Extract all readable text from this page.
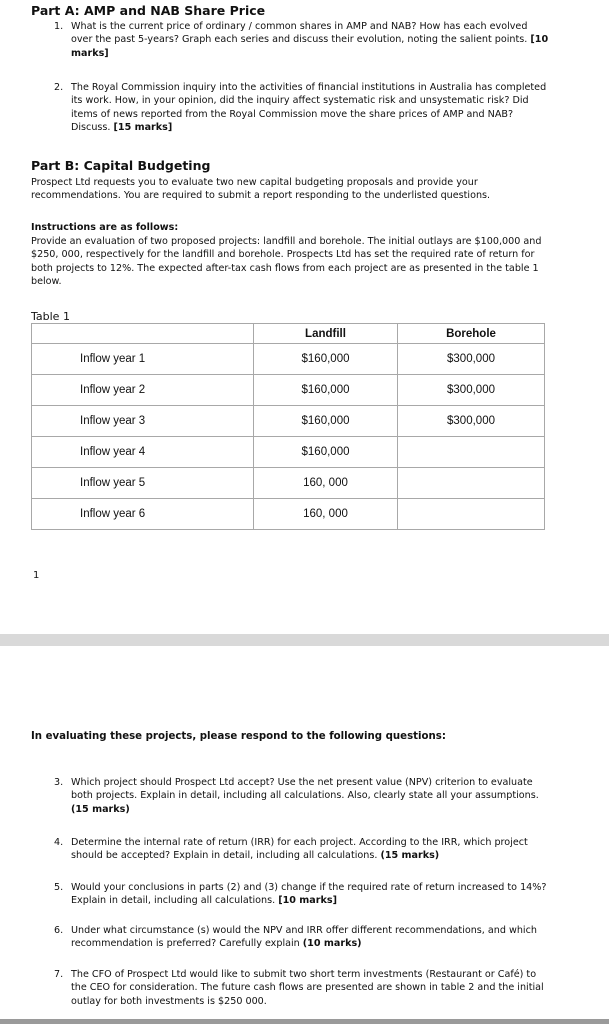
Part A: AMP and NAB Share Price
1. What is the current price of ordinary / common shares in AMP and NAB? How has each evolved over the past 5-years? Graph each series and discuss their evolution, noting the salient points. [10 marks]
2. The Royal Commission inquiry into the activities of financial institutions in Australia has completed its work. How, in your opinion, did the inquiry affect systematic risk and unsystematic risk? Did items of news reported from the Royal Commission move the share prices of AMP and NAB? Discuss. [15 marks]
Part B: Capital Budgeting
Prospect Ltd requests you to evaluate two new capital budgeting proposals and provide your recommendations. You are required to submit a report responding to the underlisted questions.
Instructions are as follows:
Provide an evaluation of two proposed projects: landfill and borehole. The initial outlays are $100,000 and $250, 000, respectively for the landfill and borehole. Prospects Ltd has set the required rate of return for both projects to 12%. The expected after-tax cash flows from each project are as presented in the table 1 below.
Table 1
	Landfill	Borehole
Inflow year 1	$160,000	$300,000
Inflow year 2	$160,000	$300,000
Inflow year 3	$160,000	$300,000
Inflow year 4	$160,000	
Inflow year 5	160, 000	
Inflow year 6	160, 000	
1
In evaluating these projects, please respond to the following questions:
3. Which project should Prospect Ltd accept? Use the net present value (NPV) criterion to evaluate both projects. Explain in detail, including all calculations. Also, clearly state all your assumptions. (15 marks)
4. Determine the internal rate of return (IRR) for each project. According to the IRR, which project should be accepted? Explain in detail, including all calculations. (15 marks)
5. Would your conclusions in parts (2) and (3) change if the required rate of return increased to 14%? Explain in detail, including all calculations. [10 marks]
6. Under what circumstance (s) would the NPV and IRR offer different recommendations, and which recommendation is preferred? Carefully explain (10 marks)
7. The CFO of Prospect Ltd would like to submit two short term investments (Restaurant or Café) to the CEO for consideration. The future cash flows are presented are shown in table 2 and the initial outlay for both investments is $250 000.
